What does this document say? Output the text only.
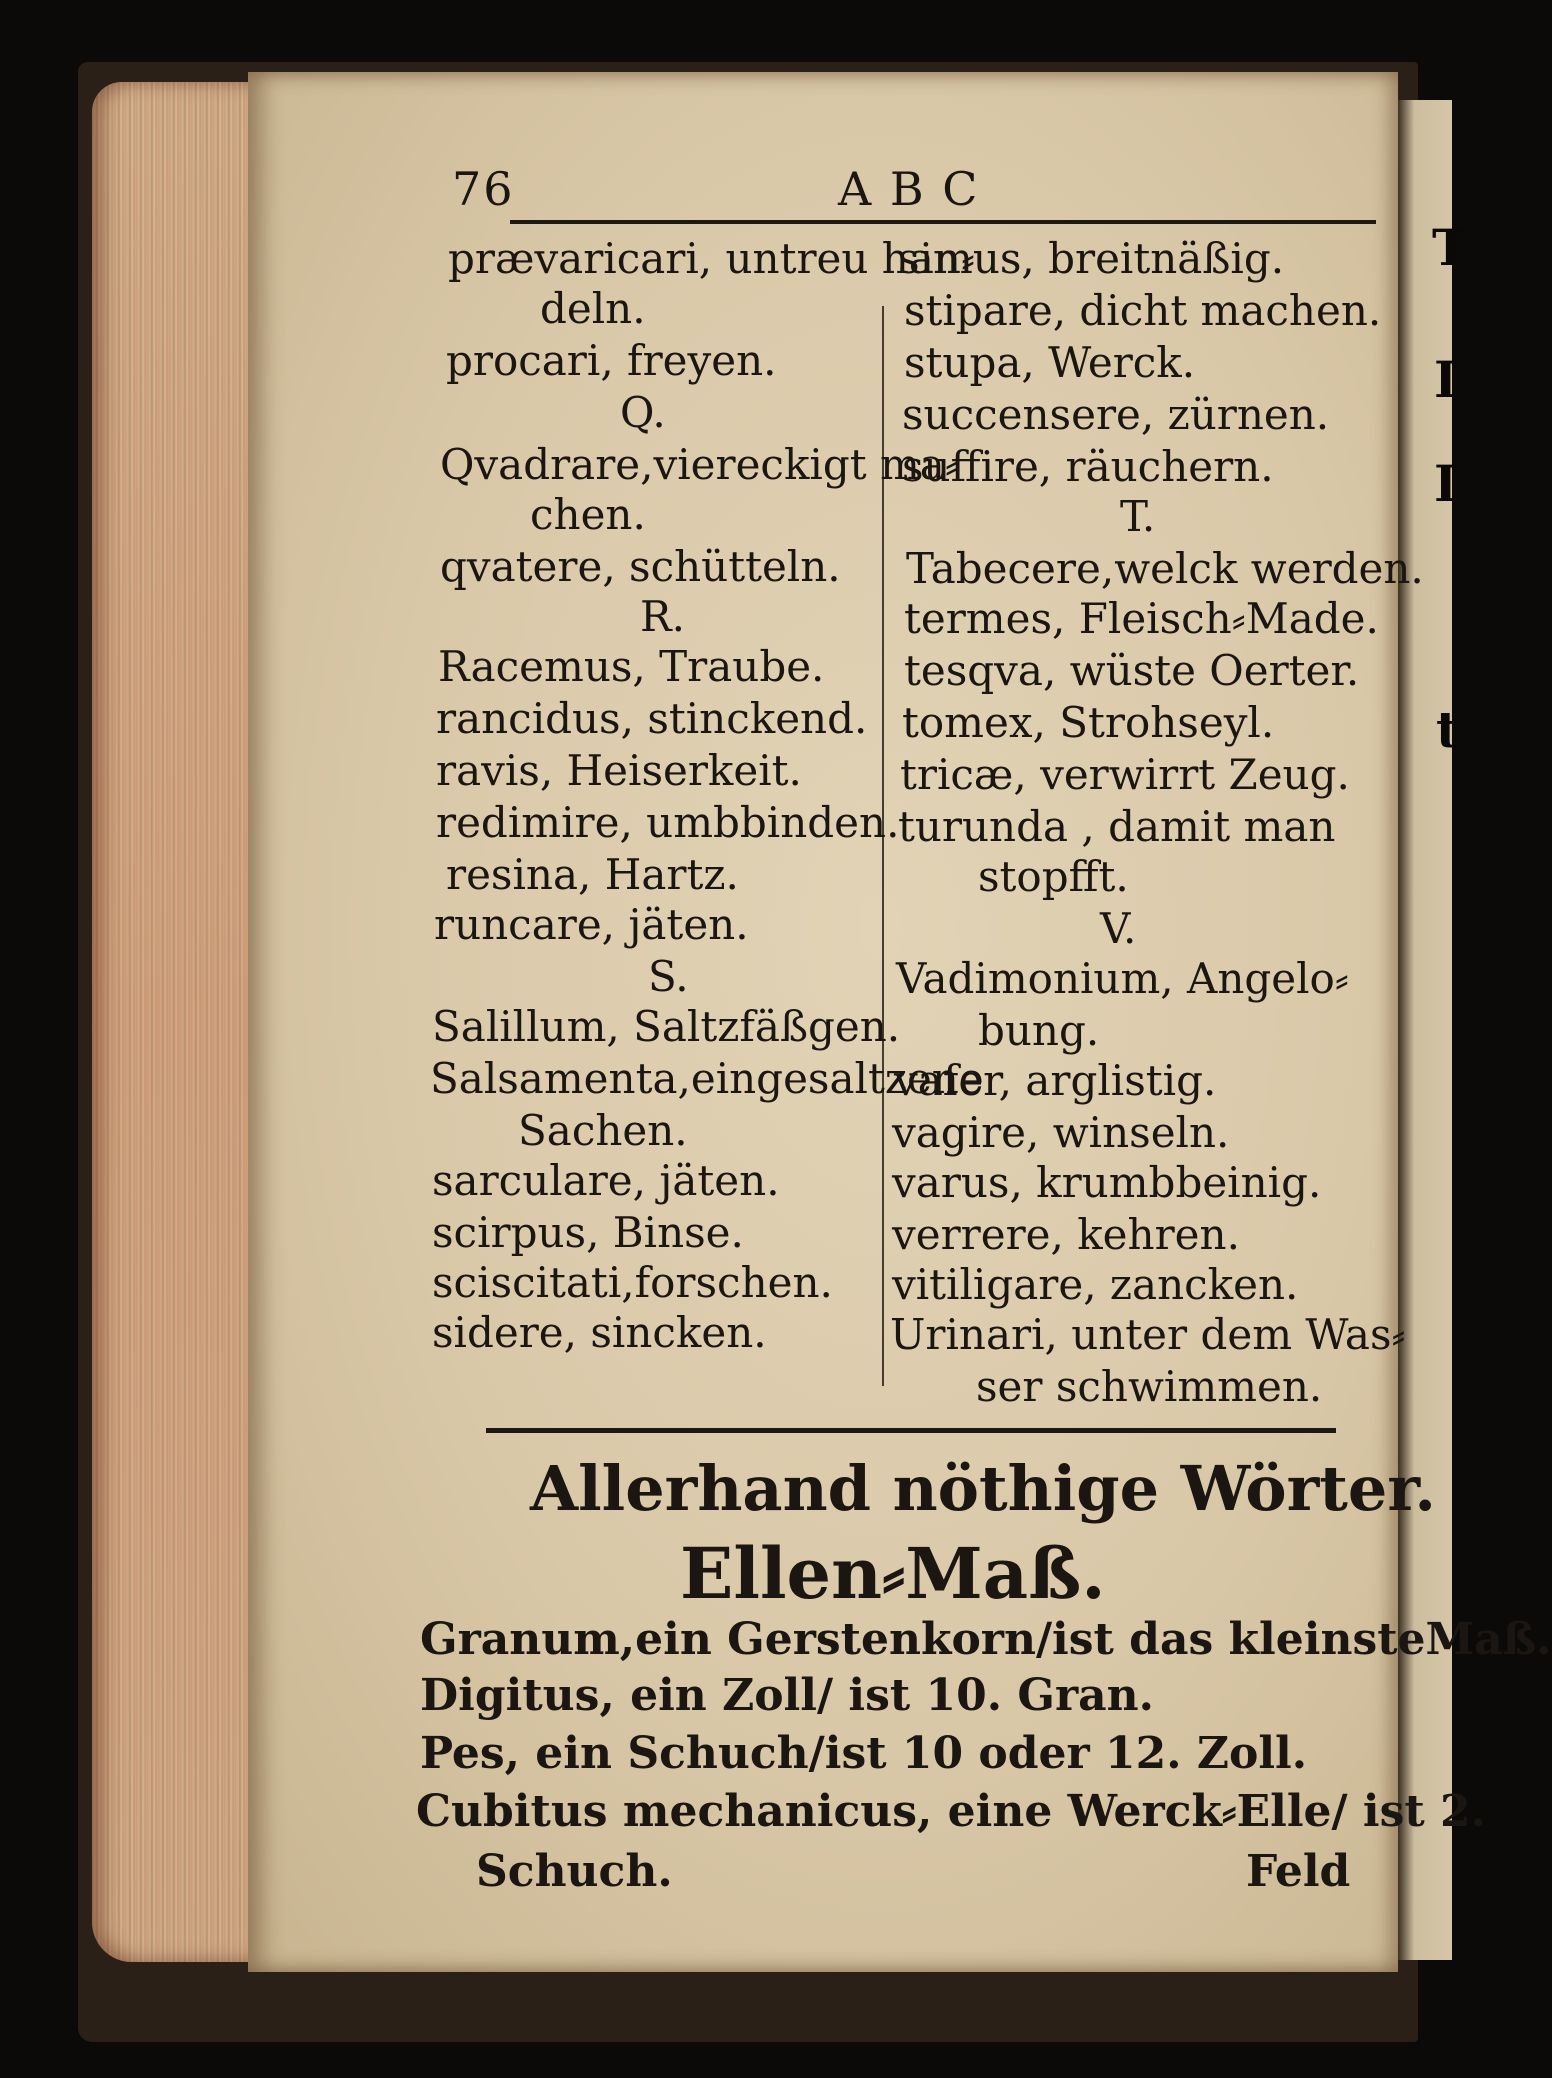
76	A B C
prævaricari, untreu han⸗
deln.
procari, freyen.
Q.
Qvadrare,viereckigt ma⸗
chen.
qvatere, schütteln.
R.
Racemus, Traube.
rancidus, stinckend.
ravis, Heiserkeit.
redimire, umbbinden.
resina, Hartz.
runcare, jäten.
S.
Salillum, Saltzfäßgen.
Salsamenta,eingesaltzene
Sachen.
sarculare, jäten.
scirpus, Binse.
sciscitati,forschen.
sidere, sincken.
simus, breitnäßig.
stipare, dicht machen.
stupa, Werck.
succensere, zürnen.
suffire, räuchern.
T.
Tabecere,welck werden.
termes, Fleisch⸗Made.
tesqva, wüste Oerter.
tomex, Strohseyl.
tricæ, verwirrt Zeug.
turunda , damit man
stopfft.
V.
Vadimonium, Angelo⸗
bung.
vafer, arglistig.
vagire, winseln.
varus, krumbbeinig.
verrere, kehren.
vitiligare, zancken.
Urinari, unter dem Was⸗
ser schwimmen.
Allerhand nöthige Wörter.
Ellen⸗Maß.
Granum,ein Gerstenkorn/ist das kleinsteMaß.
Digitus, ein Zoll/ ist 10. Gran.
Pes, ein Schuch/ist 10 oder 12. Zoll.
Cubitus mechanicus, eine Werck⸗Elle/ ist 2.
Schuch.	Feld
T
I
I
t
